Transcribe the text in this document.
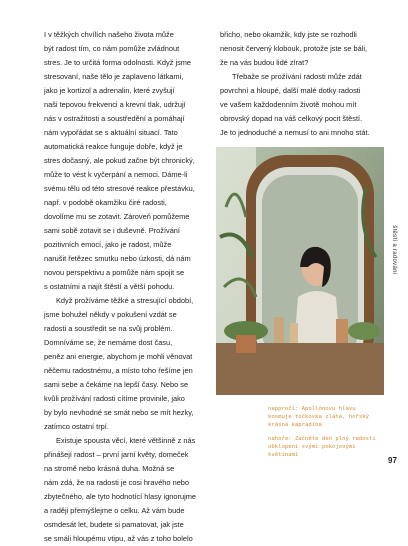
I v těžkých chvílích našeho života může

být radost tím, co nám pomůže zvládnout

stres. Je to určitá forma odolnosti. Když jsme

stresovaní, naše tělo je zaplaveno látkami,

jako je kortizol a adrenalin, které zvyšují

naši tepovou frekvenci a krevní tlak, udržují

nás v ostražitosti a soustředění a pomáhají

nám vypořádat se s aktuální situací. Tato

automatická reakce funguje dobře, když je

stres dočasný, ale pokud začne být chronický,

může to vést k vyčerpání a nemoci. Dáme-li

svému tělu od této stresové reakce přestávku,

např. v podobě okamžiku čiré radosti,

dovolíme mu se zotavit. Zároveň pomůžeme

sami sobě zotavit se i duševně. Prožívání

pozitivních emocí, jako je radost, může

narušit řetězec smutku nebo úzkosti, dá nám

novou perspektivu a pomůže nám spojit se

s ostatními a najít štěstí a větší pohodu.

Když prožíváme těžké a stresující období,

jsme bohužel někdy v pokušení vzdát se

radosti a soustředit se na svůj problém.

Domníváme se, že nemáme dost času,

peněz ani energie, abychom je mohli věnovat

něčemu radostnému, a místo toho řešíme jen

sami sebe a čekáme na lepší časy. Nebo se

kvůli prožívání radosti cítíme provinile, jako

by bylo nevhodné se smát nebo se mít hezky,

zatímco ostatní trpí.

Existuje spousta věcí, které většinně z nás

přinášejí radost – první jarní květy, domeček

na stromě nebo krásná duha. Možná se

nám zdá, že na radosti je cosi hravého nebo

zbytečného, ale tyto hodnotící hlasy ignorujme

a raději přemýšlejme o celku. Až vám bude

osmdesát let, budete si pamatovat, jak jste

se smáli hloupému vtipu, až vás z toho bolelo

břicho, nebo okamžik, kdy jste se rozhodli

nenosit červený klobouk, protože jste se báli,

že na vás budou lidé zírat?

Třebaže se prožívání radosti může zdát

povrchní a hloupé, další malé dotky radosti

ve vašem každodenním životě mohou mít

obrovský dopad na váš celkový pocit štěstí.

Je to jednoduché a nemusí to ani mnoho stát.

štěstí a radování
nappročí: Apollónovu hlavu
kosmuje točkovka zlatá, hořský
krásná kapradina
nahoře: Začněte den plný radosti
obklopeni svými pokojovými
květinami
97
